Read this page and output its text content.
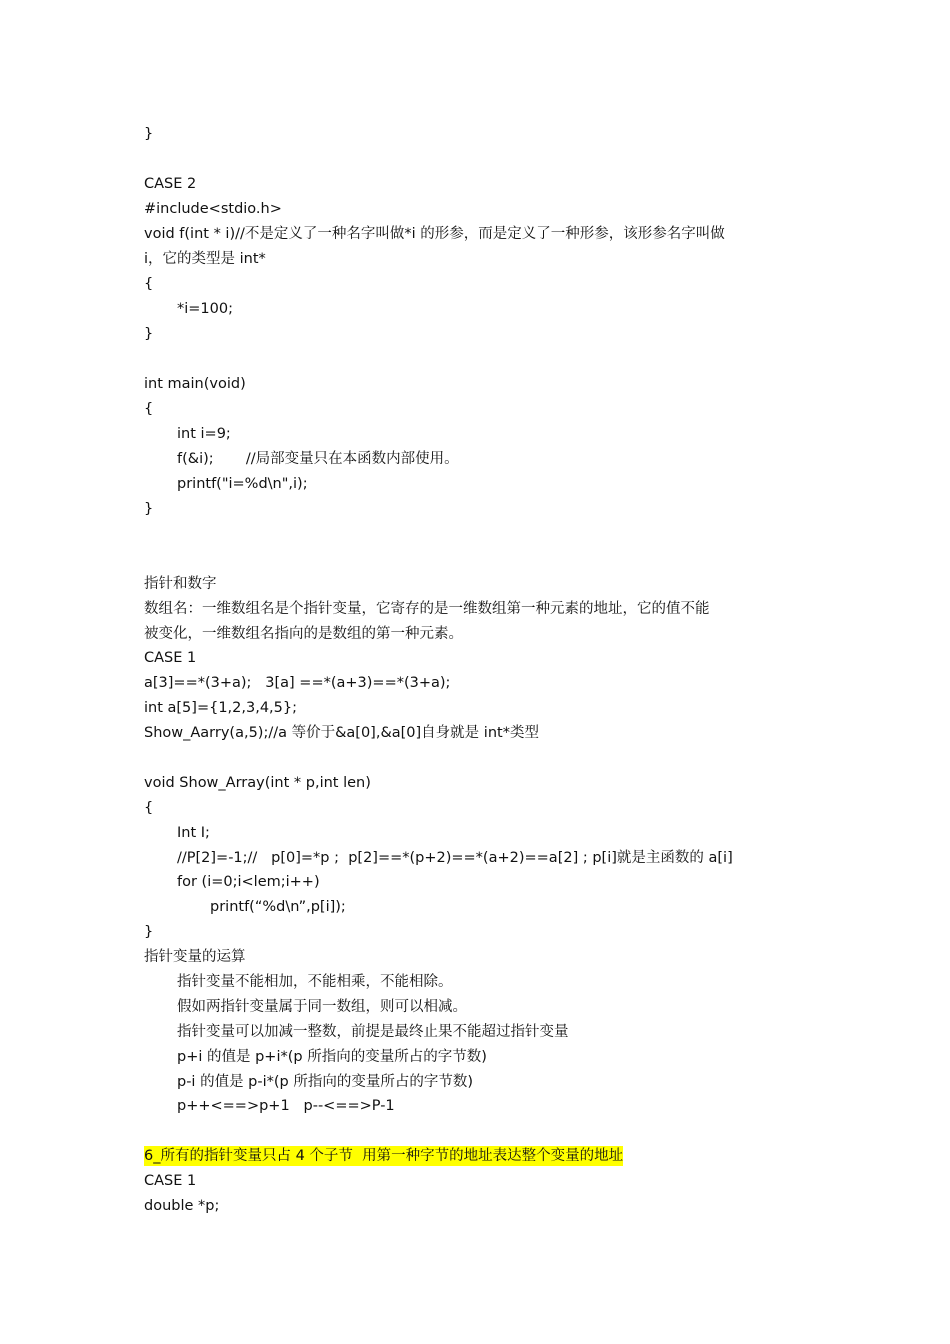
}
CASE 2
#include<stdio.h>
void f(int * i)//不是定义了一种名字叫做*i 的形参，而是定义了一种形参，该形参名字叫做
i，它的类型是 int*
{
*i=100;
}
int main(void)
{
int i=9;
f(&i);       //局部变量只在本函数内部使用。
printf("i=%d\n",i);
}
指针和数字
数组名：一维数组名是个指针变量，它寄存的是一维数组第一种元素的地址，它的值不能
被变化，一维数组名指向的是数组的第一种元素。
CASE 1
a[3]==*(3+a);   3[a] ==*(a+3)==*(3+a);
int a[5]={1,2,3,4,5};
Show_Aarry(a,5);//a 等价于&a[0],&a[0]自身就是 int*类型
void Show_Array(int * p,int len)
{
Int I;
//P[2]=-1;//   p[0]=*p ;  p[2]==*(p+2)==*(a+2)==a[2] ; p[i]就是主函数的 a[i]
for (i=0;i<lem;i++)
printf(“%d\n”,p[i]);
}
指针变量的运算
指针变量不能相加，不能相乘，不能相除。
假如两指针变量属于同一数组，则可以相减。
指针变量可以加减一整数，前提是最终止果不能超过指针变量
p+i 的值是 p+i*(p 所指向的变量所占的字节数)
p-i 的值是 p-i*(p 所指向的变量所占的字节数)
p++<==>p+1   p--<==>P-1
6_所有的指针变量只占 4 个子节  用第一种字节的地址表达整个变量的地址
CASE 1
double *p;
